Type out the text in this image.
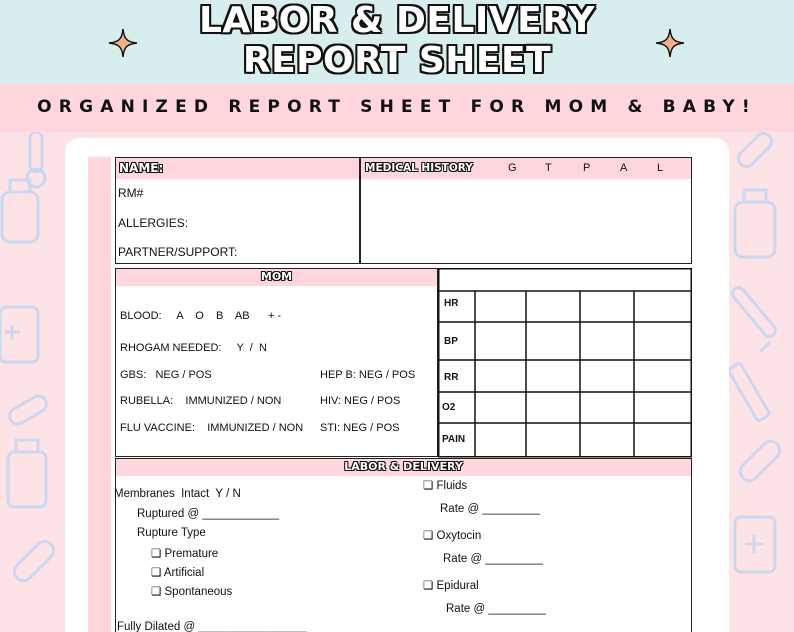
LABOR & DELIVERY
REPORT SHEET
ORGANIZED REPORT SHEET FOR MOM & BABY!
NAME:
RM#
ALLERGIES:
PARTNER/SUPPORT:
MEDICAL HISTORY	G	T	P	A	L
MOM
BLOOD:     A    O    B    AB      + -
RHOGAM NEEDED:     Y  /  N
GBS:   NEG / POS	HEP B: NEG / POS
RUBELLA:    IMMUNIZED / NON	HIV: NEG / POS
FLU VACCINE:    IMMUNIZED / NON STI: NEG / POS
HR
BP
RR
O2
PAIN
LABOR & DELIVERY
Membranes  Intact  Y / N
Ruptured @ ____________
Rupture Type
❏ Premature
❏ Artificial
❏ Spontaneous
Fully Dilated @ _________________
❏ Fluids
Rate @ _________
❏ Oxytocin
Rate @ _________
❏ Epidural
Rate @ _________
